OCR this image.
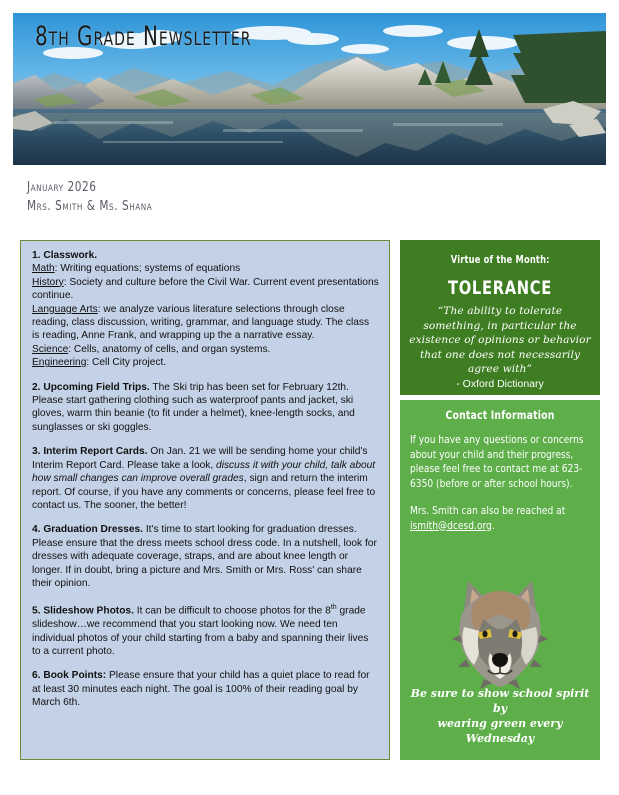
8th Grade Newsletter
January 2026
Mrs. Smith & Ms. Shana

1. Classwork.

Math: Writing equations; systems of equations

History: Society and culture before the Civil War. Current event presentations continue.

Language Arts: we analyze various literature selections through close reading, class discussion, writing, grammar, and language study. The class is reading, Anne Frank, and wrapping up the a narrative essay.

Science: Cells, anatomy of cells, and organ systems.

Engineering: Cell City project.

2. Upcoming Field Trips. The Ski trip has been set for February 12th. Please start gathering clothing such as waterproof pants and jacket, ski gloves, warm thin beanie (to fit under a helmet), knee-length socks, and sunglasses or ski goggles.

3. Interim Report Cards. On Jan. 21 we will be sending home your child's Interim Report Card. Please take a look, discuss it with your child, talk about how small changes can improve overall grades, sign and return the interim report. Of course, if you have any comments or concerns, please feel free to contact us. The sooner, the better!

4. Graduation Dresses. It's time to start looking for graduation dresses. Please ensure that the dress meets school dress code. In a nutshell, look for dresses with adequate coverage, straps, and are about knee length or longer. If in doubt, bring a picture and Mrs. Smith or Mrs. Ross' can share their opinion.

5. Slideshow Photos. It can be difficult to choose photos for the 8th grade slideshow…we recommend that you start looking now. We need ten individual photos of your child starting from a baby and spanning their lives to a current photo.

6. Book Points: Please ensure that your child has a quiet place to read for at least 30 minutes each night. The goal is 100% of their reading goal by March 6th.

Virtue of the Month:
TOLERANCE
“The ability to tolerate something, in particular the existence of opinions or behavior that one does not necessarily agree with”
- Oxford Dictionary
Contact Information

If you have any questions or concerns about your child and their progress, please feel free to contact me at 623-6350 (before or after school hours).

Mrs. Smith can also be reached at ismith@dcesd.org.

Be sure to show school spirit by
wearing green every Wednesday
